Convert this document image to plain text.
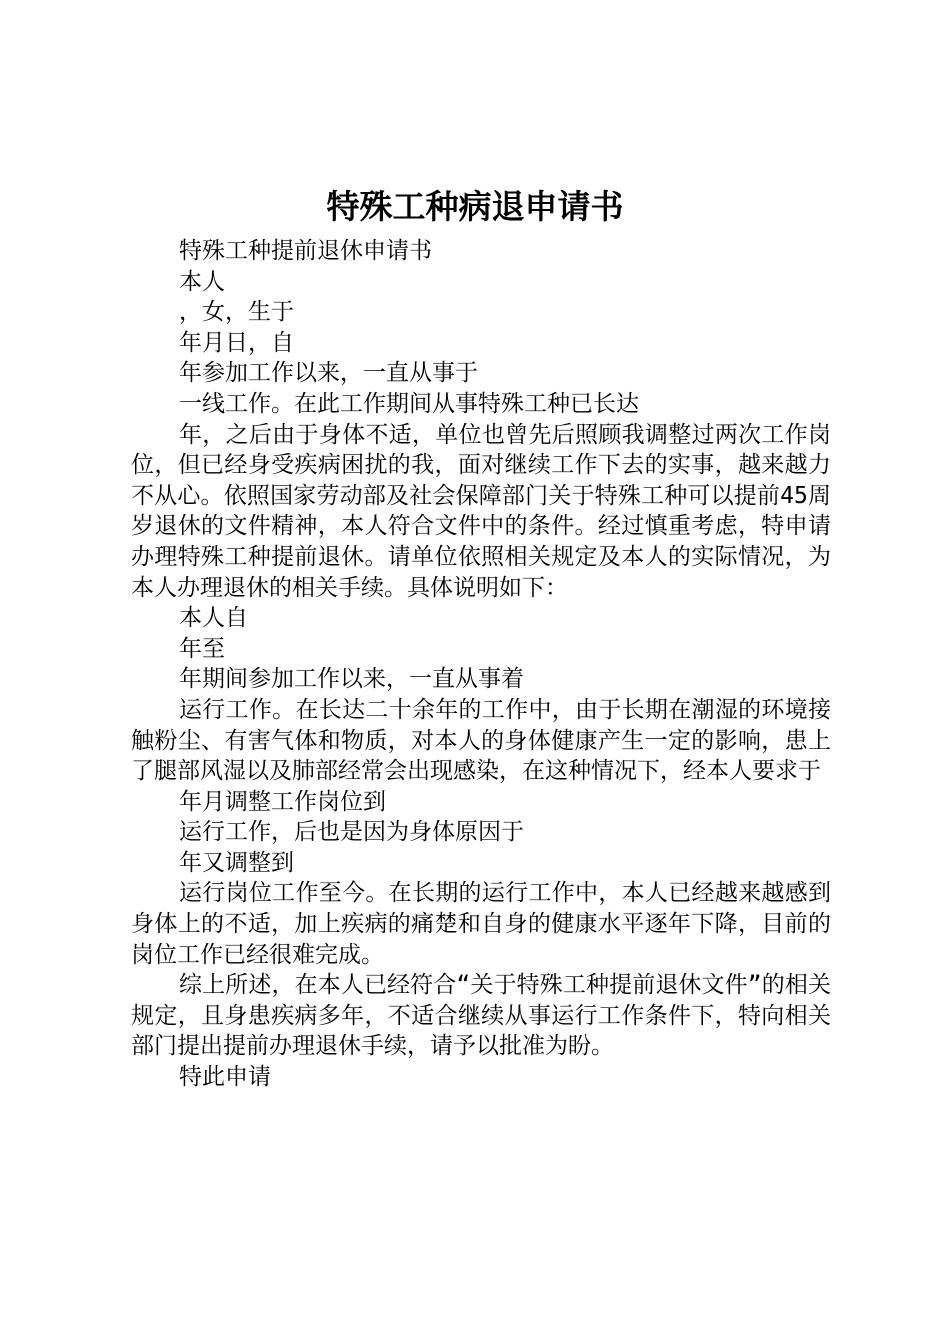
特殊工种病退申请书

特殊工种提前退休申请书

本人

，女，生于

年月日，自

年参加工作以来，一直从事于

一线工作。在此工作期间从事特殊工种已长达

年，之后由于身体不适，单位也曾先后照顾我调整过两次工作岗位，但已经身受疾病困扰的我，面对继续工作下去的实事，越来越力不从心。依照国家劳动部及社会保障部门关于特殊工种可以提前45周岁退休的文件精神，本人符合文件中的条件。经过慎重考虑，特申请办理特殊工种提前退休。请单位依照相关规定及本人的实际情况，为本人办理退休的相关手续。具体说明如下：

本人自

年至

年期间参加工作以来，一直从事着

运行工作。在长达二十余年的工作中，由于长期在潮湿的环境接触粉尘、有害气体和物质，对本人的身体健康产生一定的影响，患上了腿部风湿以及肺部经常会出现感染，在这种情况下，经本人要求于

年月调整工作岗位到

运行工作，后也是因为身体原因于

年又调整到

运行岗位工作至今。在长期的运行工作中，本人已经越来越感到身体上的不适，加上疾病的痛楚和自身的健康水平逐年下降，目前的岗位工作已经很难完成。

综上所述，在本人已经符合“关于特殊工种提前退休文件”的相关规定，且身患疾病多年，不适合继续从事运行工作条件下，特向相关部门提出提前办理退休手续，请予以批准为盼。

特此申请
